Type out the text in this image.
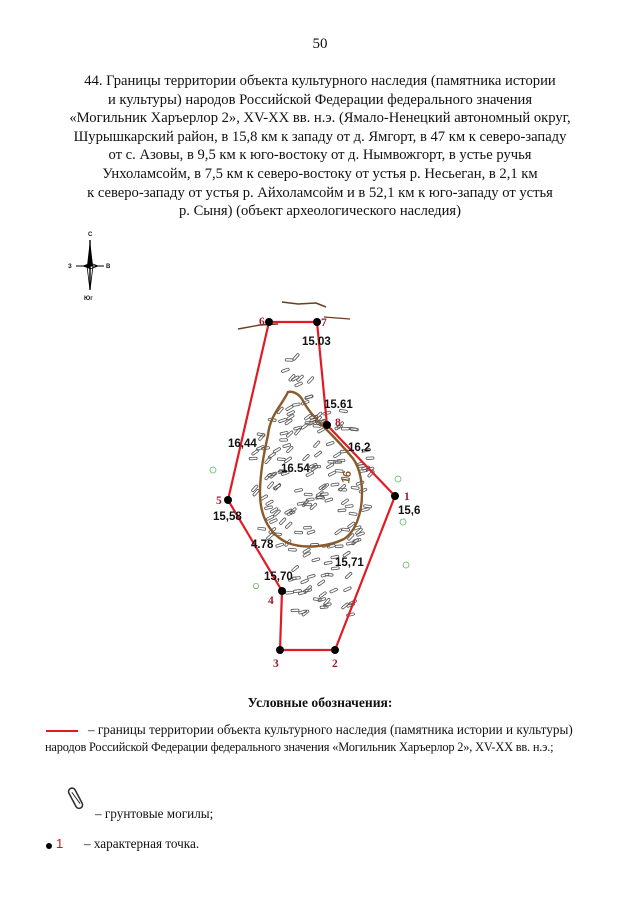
50
44. Границы территории объекта культурного наследия (памятника истории
и культуры) народов Российской Федерации федерального значения
«Могильник Харъерлор 2», XV-XX вв. н.э. (Ямало-Ненецкий автономный округ,
Шурышкарский район, в 15,8 км к западу от д. Ямгорт, в 47 км к северо-западу
от с. Азовы, в 9,5 км к юго-востоку от д. Нымвожгорт, в устье ручья
Унхоламсойм, в 7,5 км к северо-востоку от устья р. Несьеган, в 2,1 км
к северо-западу от устья р. Айхоламсойм и в 52,1 км к юго-западу от устья
р. Сыня) (объект археологического наследия)
С
З	В
Юг
16
1
2
3
4
5
6	7
8
15.03
15.61
16,44	16,2
16.54
15,58	15,6
4.78
15,71
15,70
Условные обозначения:
– границы территории объекта культурного наследия (памятника истории и культуры)
народов Российской Федерации федерального значения «Могильник Харъерлор 2», XV-XX вв. н.э.;
– грунтовые могилы;
1 – характерная точка.
